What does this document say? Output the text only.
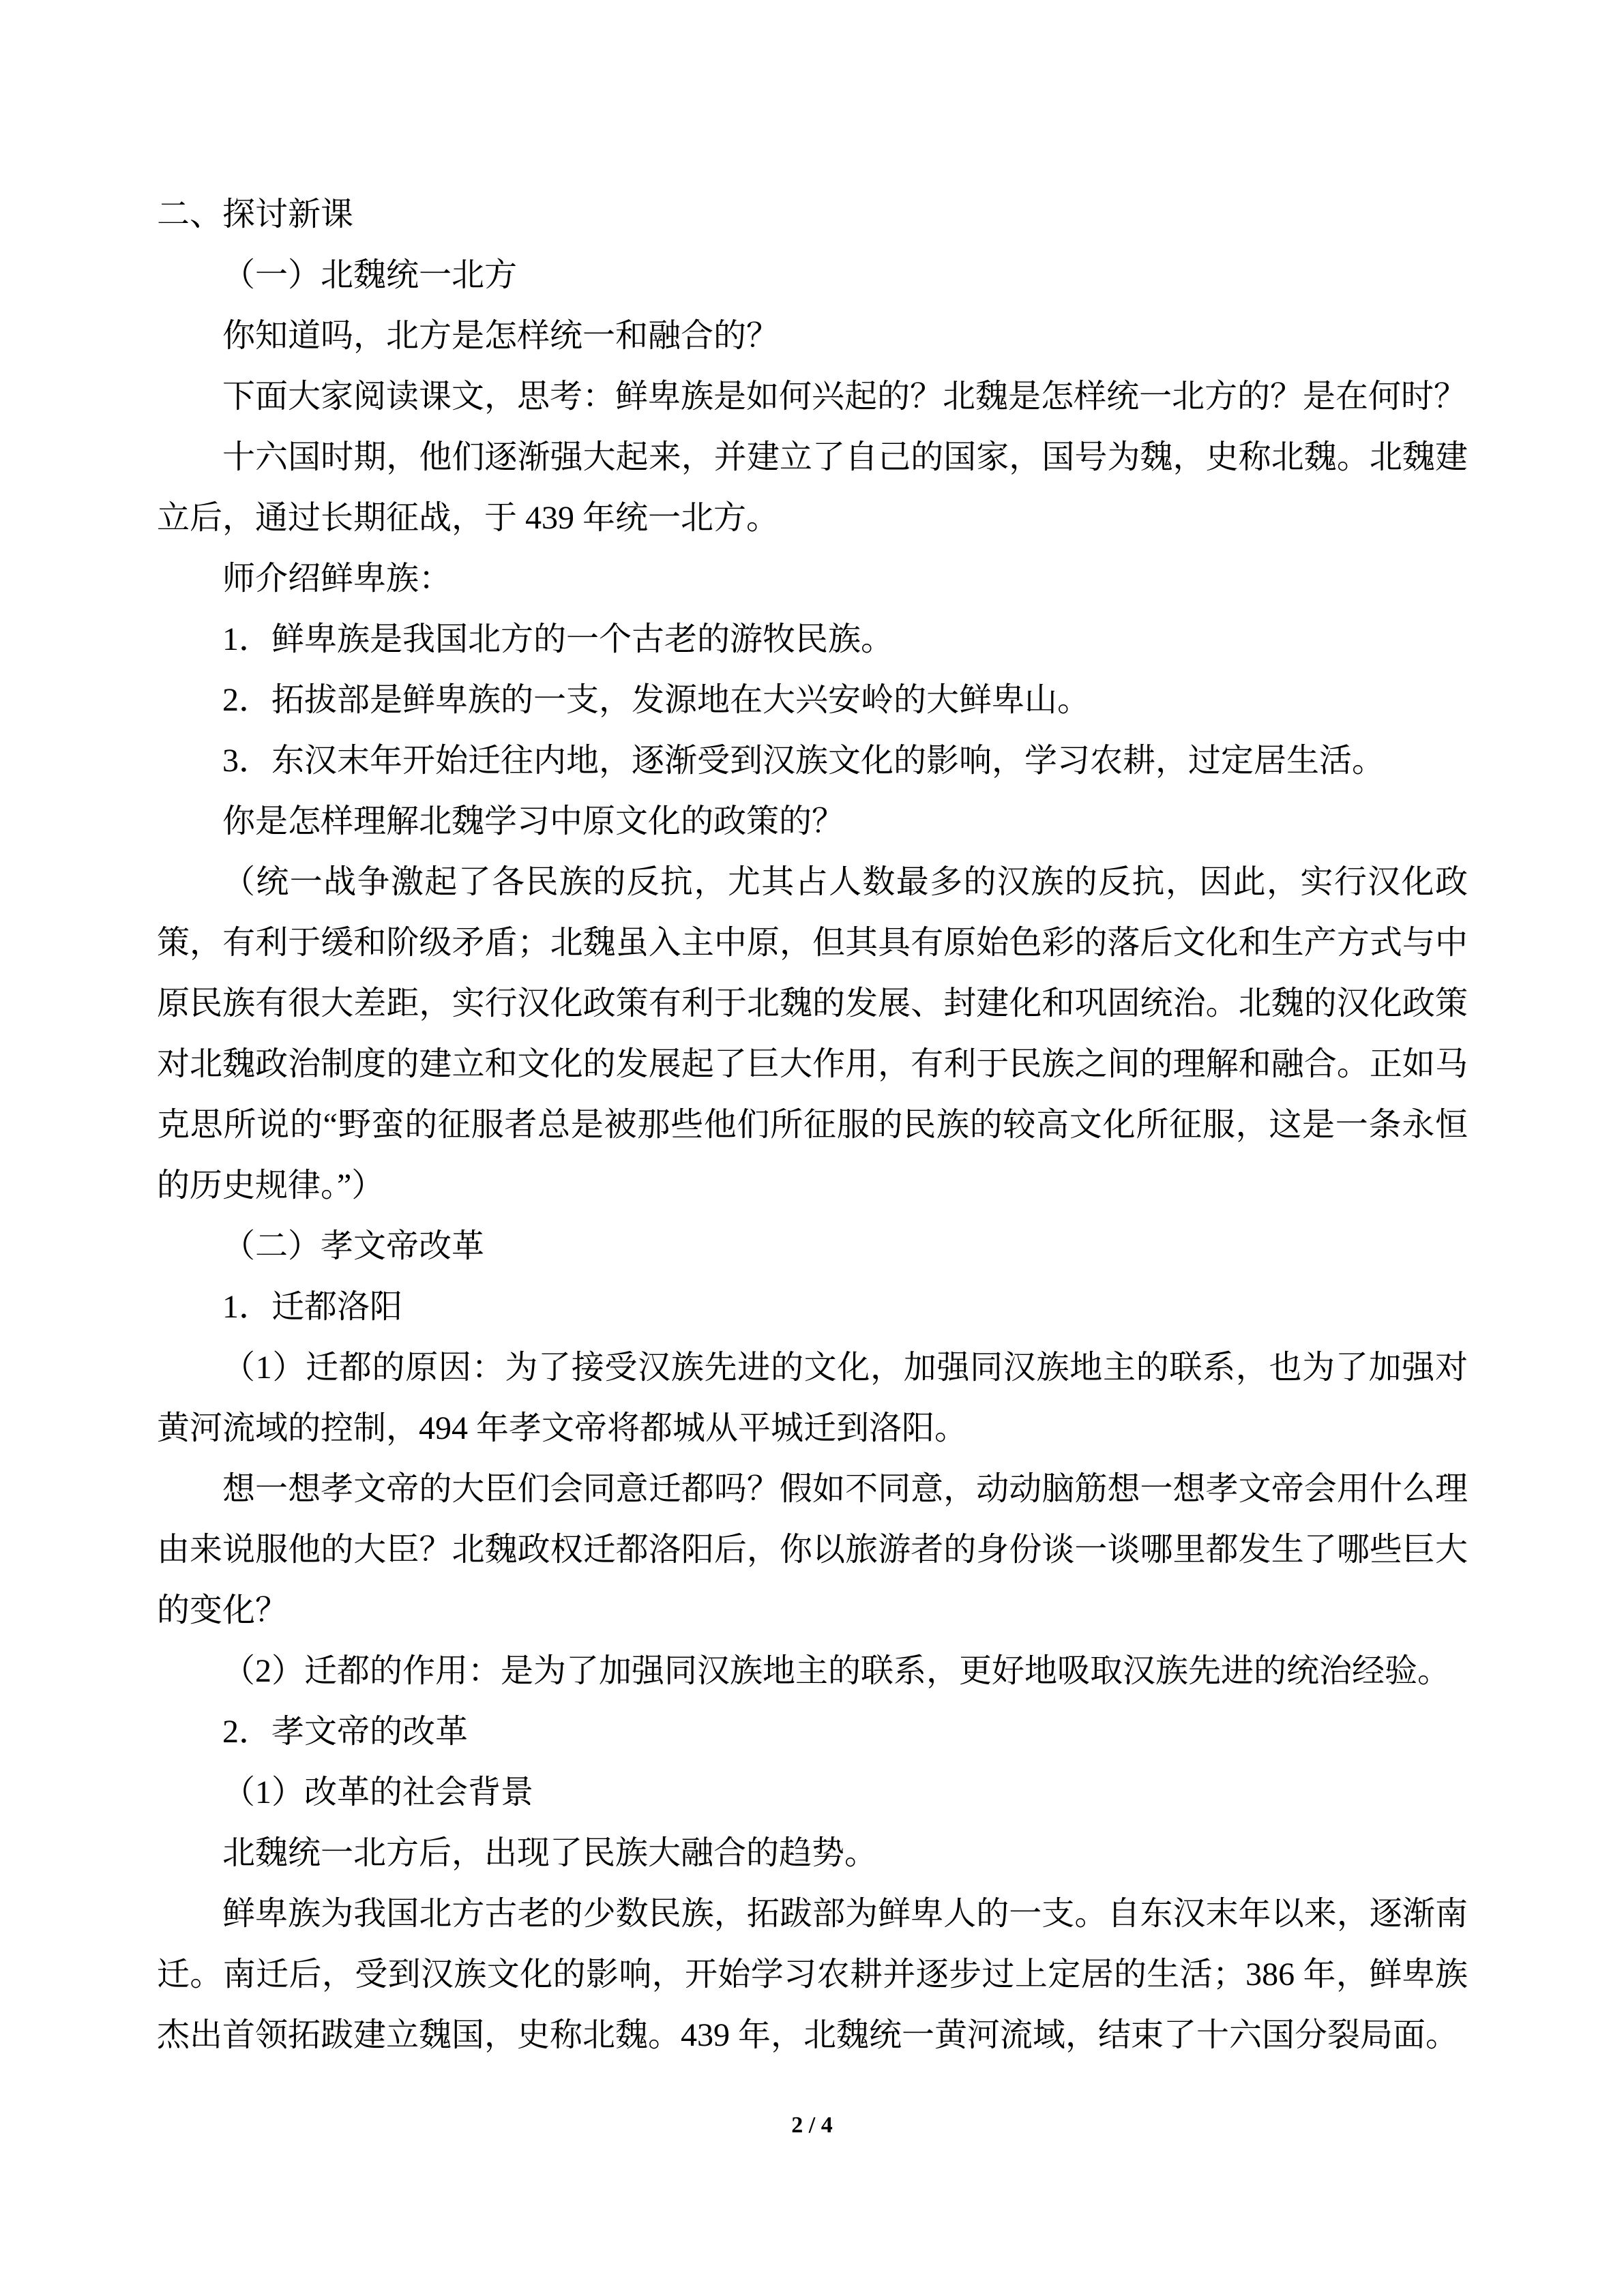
二、探讨新课

（一）北魏统一北方

你知道吗，北方是怎样统一和融合的？

下面大家阅读课文，思考：鲜卑族是如何兴起的？北魏是怎样统一北方的？是在何时？

十六国时期，他们逐渐强大起来，并建立了自己的国家，国号为魏，史称北魏。北魏建立后，通过长期征战，于 439 年统一北方。

师介绍鲜卑族：

1．鲜卑族是我国北方的一个古老的游牧民族。

2．拓拔部是鲜卑族的一支，发源地在大兴安岭的大鲜卑山。

3．东汉末年开始迁往内地，逐渐受到汉族文化的影响，学习农耕，过定居生活。

你是怎样理解北魏学习中原文化的政策的？

（统一战争激起了各民族的反抗，尤其占人数最多的汉族的反抗，因此，实行汉化政策，有利于缓和阶级矛盾；北魏虽入主中原，但其具有原始色彩的落后文化和生产方式与中原民族有很大差距，实行汉化政策有利于北魏的发展、封建化和巩固统治。北魏的汉化政策对北魏政治制度的建立和文化的发展起了巨大作用，有利于民族之间的理解和融合。正如马克思所说的“野蛮的征服者总是被那些他们所征服的民族的较高文化所征服，这是一条永恒的历史规律。”）

（二）孝文帝改革

1．迁都洛阳

（1）迁都的原因：为了接受汉族先进的文化，加强同汉族地主的联系，也为了加强对黄河流域的控制，494 年孝文帝将都城从平城迁到洛阳。

想一想孝文帝的大臣们会同意迁都吗？假如不同意，动动脑筋想一想孝文帝会用什么理由来说服他的大臣？北魏政权迁都洛阳后，你以旅游者的身份谈一谈哪里都发生了哪些巨大的变化？

（2）迁都的作用：是为了加强同汉族地主的联系，更好地吸取汉族先进的统治经验。

2．孝文帝的改革

（1）改革的社会背景

北魏统一北方后，出现了民族大融合的趋势。

鲜卑族为我国北方古老的少数民族，拓跋部为鲜卑人的一支。自东汉末年以来，逐渐南迁。南迁后，受到汉族文化的影响，开始学习农耕并逐步过上定居的生活；386 年，鲜卑族杰出首领拓跋建立魏国，史称北魏。439 年，北魏统一黄河流域，结束了十六国分裂局面。

2 / 4
